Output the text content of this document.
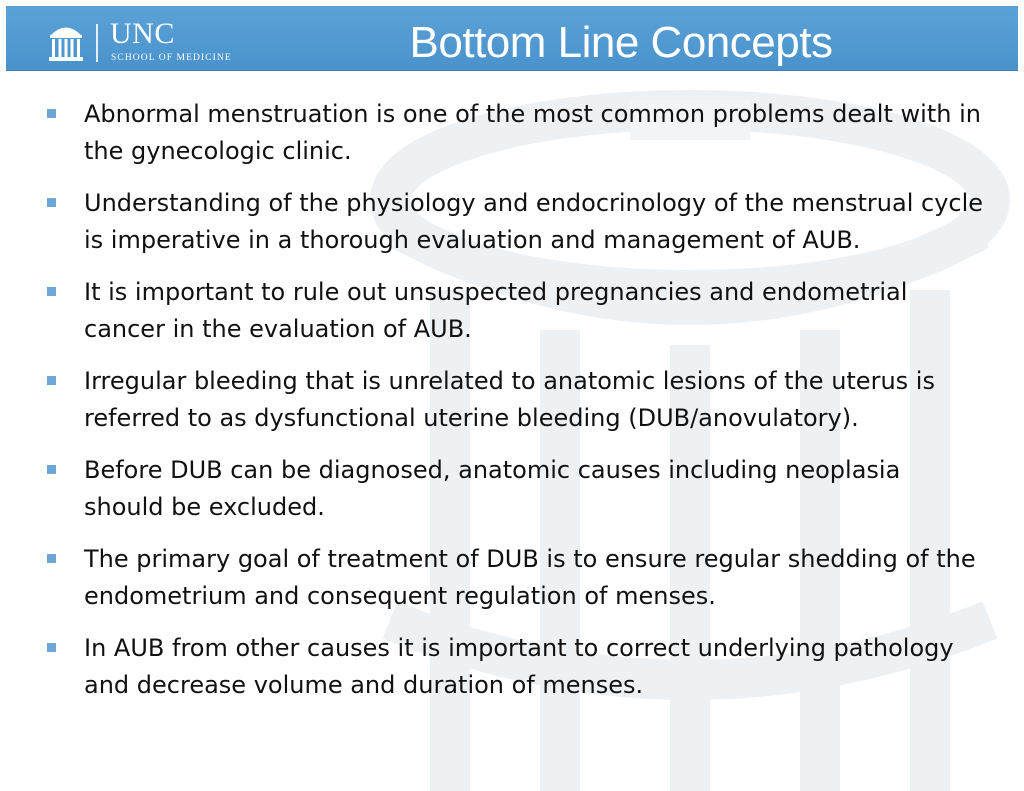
UNC
SCHOOL OF MEDICINE	Bottom Line Concepts
Abnormal menstruation is one of the most common problems dealt with in the gynecologic clinic.
Understanding of the physiology and endocrinology of the menstrual cycle is imperative in a thorough evaluation and management of AUB.
It is important to rule out unsuspected pregnancies and endometrial cancer in the evaluation of AUB.
Irregular bleeding that is unrelated to anatomic lesions of the uterus is referred to as dysfunctional uterine bleeding (DUB/anovulatory).
Before DUB can be diagnosed, anatomic causes including neoplasia should be excluded.
The primary goal of treatment of DUB is to ensure regular shedding of the endometrium and consequent regulation of menses.
In AUB from other causes it is important to correct underlying pathology and decrease volume and duration of menses.
